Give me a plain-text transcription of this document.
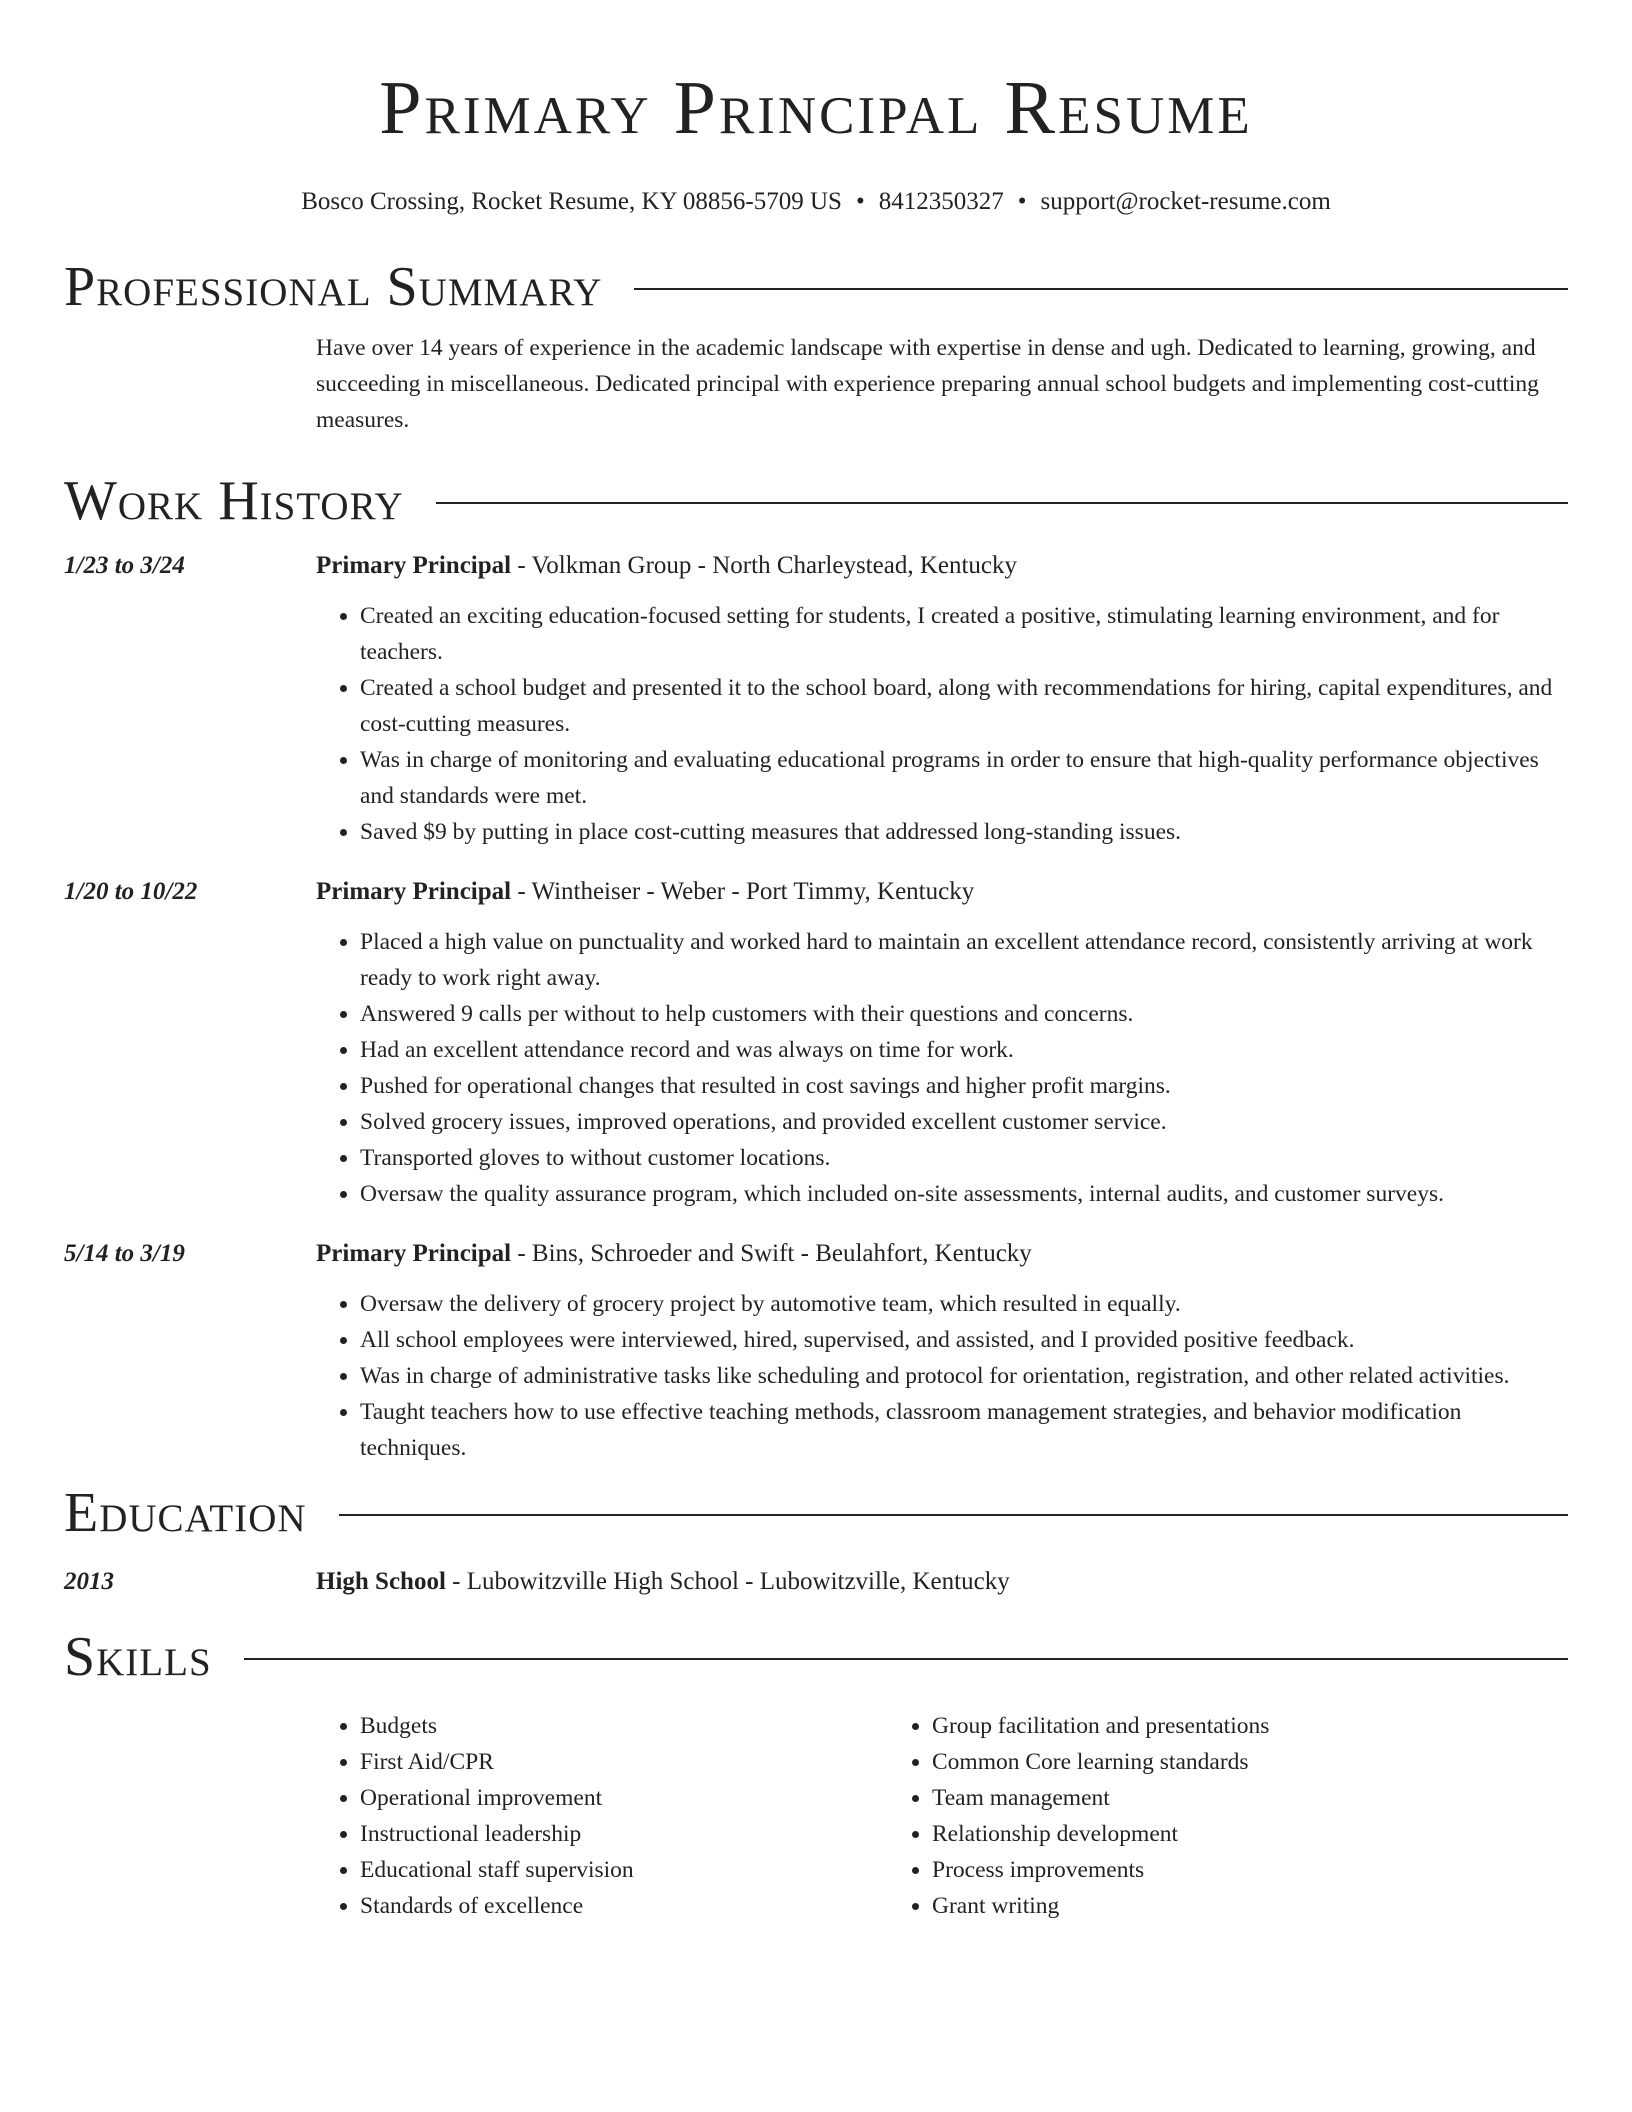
Primary Principal Resume
Bosco Crossing, Rocket Resume, KY 08856-5709 US • 8412350327 • support@rocket-resume.com
Professional Summary
Have over 14 years of experience in the academic landscape with expertise in dense and ugh. Dedicated to learning, growing, and succeeding in miscellaneous. Dedicated principal with experience preparing annual school budgets and implementing cost-cutting measures.
Work History
1/23 to 3/24	Primary Principal - Volkman Group - North Charleystead, Kentucky
• Created an exciting education-focused setting for students, I created a positive, stimulating learning environment, and for teachers.
• Created a school budget and presented it to the school board, along with recommendations for hiring, capital expenditures, and cost-cutting measures.
• Was in charge of monitoring and evaluating educational programs in order to ensure that high-quality performance objectives and standards were met.
• Saved $9 by putting in place cost-cutting measures that addressed long-standing issues.
1/20 to 10/22	Primary Principal - Wintheiser - Weber - Port Timmy, Kentucky
• Placed a high value on punctuality and worked hard to maintain an excellent attendance record, consistently arriving at work ready to work right away.
• Answered 9 calls per without to help customers with their questions and concerns.
• Had an excellent attendance record and was always on time for work.
• Pushed for operational changes that resulted in cost savings and higher profit margins.
• Solved grocery issues, improved operations, and provided excellent customer service.
• Transported gloves to without customer locations.
• Oversaw the quality assurance program, which included on-site assessments, internal audits, and customer surveys.
5/14 to 3/19	Primary Principal - Bins, Schroeder and Swift - Beulahfort, Kentucky
• Oversaw the delivery of grocery project by automotive team, which resulted in equally.
• All school employees were interviewed, hired, supervised, and assisted, and I provided positive feedback.
• Was in charge of administrative tasks like scheduling and protocol for orientation, registration, and other related activities.
• Taught teachers how to use effective teaching methods, classroom management strategies, and behavior modification techniques.
Education
2013	High School - Lubowitzville High School - Lubowitzville, Kentucky
Skills
• Budgets
• First Aid/CPR
• Operational improvement
• Instructional leadership
• Educational staff supervision
• Standards of excellence
• Group facilitation and presentations
• Common Core learning standards
• Team management
• Relationship development
• Process improvements
• Grant writing
